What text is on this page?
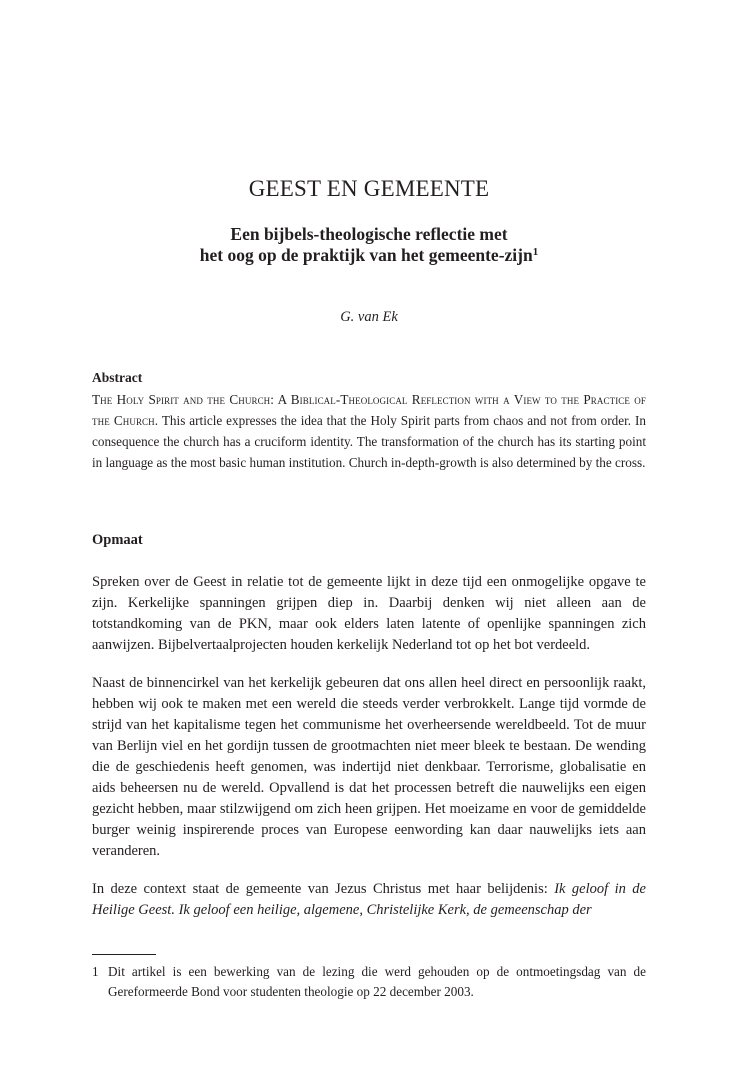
GEEST EN GEMEENTE
Een bijbels-theologische reflectie met
het oog op de praktijk van het gemeente-zijn$^1$

G. van Ek

Abstract

The Holy Spirit and the Church: A Biblical-Theological Reflection with a View to the Practice of the Church. This article expresses the idea that the Holy Spirit parts from chaos and not from order. In consequence the church has a cruciform identity. The transformation of the church has its starting point in language as the most basic human institution. Church in-depth-growth is also determined by the cross.

Opmaat

Spreken over de Geest in relatie tot de gemeente lijkt in deze tijd een onmogelijke opgave te zijn. Kerkelijke spanningen grijpen diep in. Daarbij denken wij niet alleen aan de totstandkoming van de PKN, maar ook elders laten latente of openlijke spanningen zich aanwijzen. Bijbelvertaalprojecten houden kerkelijk Nederland tot op het bot verdeeld.

Naast de binnencirkel van het kerkelijk gebeuren dat ons allen heel direct en persoonlijk raakt, hebben wij ook te maken met een wereld die steeds verder verbrokkelt. Lange tijd vormde de strijd van het kapitalisme tegen het communisme het overheersende wereldbeeld. Tot de muur van Berlijn viel en het gordijn tussen de grootmachten niet meer bleek te bestaan. De wending die de geschiedenis heeft genomen, was indertijd niet denkbaar. Terrorisme, globalisatie en aids beheersen nu de wereld. Opvallend is dat het processen betreft die nauwelijks een eigen gezicht hebben, maar stilzwijgend om zich heen grijpen. Het moeizame en voor de gemiddelde burger weinig inspirerende proces van Europese eenwording kan daar nauwelijks iets aan veranderen.

In deze context staat de gemeente van Jezus Christus met haar belijdenis: Ik geloof in de Heilige Geest. Ik geloof een heilige, algemene, Christelijke Kerk, de gemeenschap der

1 Dit artikel is een bewerking van de lezing die werd gehouden op de ontmoetingsdag van de Gereformeerde Bond voor studenten theologie op 22 december 2003.
